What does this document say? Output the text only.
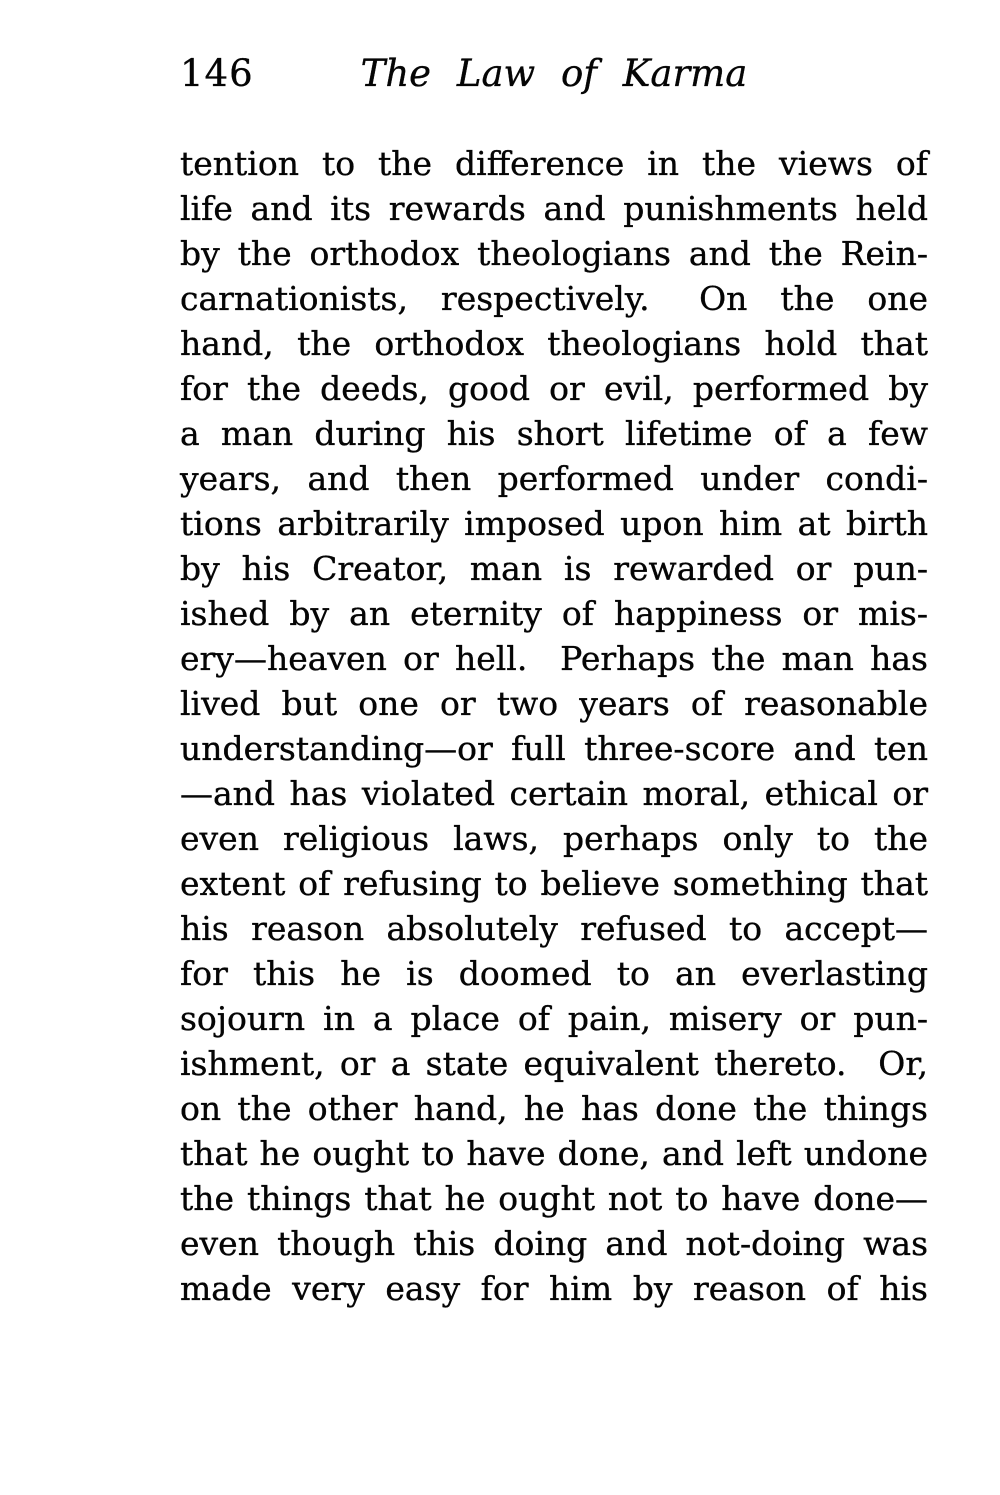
146	The Law of Karma
tention to the difference in the views of
life and its rewards and punishments held
by the orthodox theologians and the Rein-
carnationists, respectively.  On the one
hand, the orthodox theologians hold that
for the deeds, good or evil, performed by
a man during his short lifetime of a few
years, and then performed under condi-
tions arbitrarily imposed upon him at birth
by his Creator, man is rewarded or pun-
ished by an eternity of happiness or mis-
ery—heaven or hell.  Perhaps the man has
lived but one or two years of reasonable
understanding—or full three-score and ten
—and has violated certain moral, ethical or
even religious laws, perhaps only to the
extent of refusing to believe something that
his reason absolutely refused to accept—
for this he is doomed to an everlasting
sojourn in a place of pain, misery or pun-
ishment, or a state equivalent thereto.  Or,
on the other hand, he has done the things
that he ought to have done, and left undone
the things that he ought not to have done—
even though this doing and not-doing was
made very easy for him by reason of his
